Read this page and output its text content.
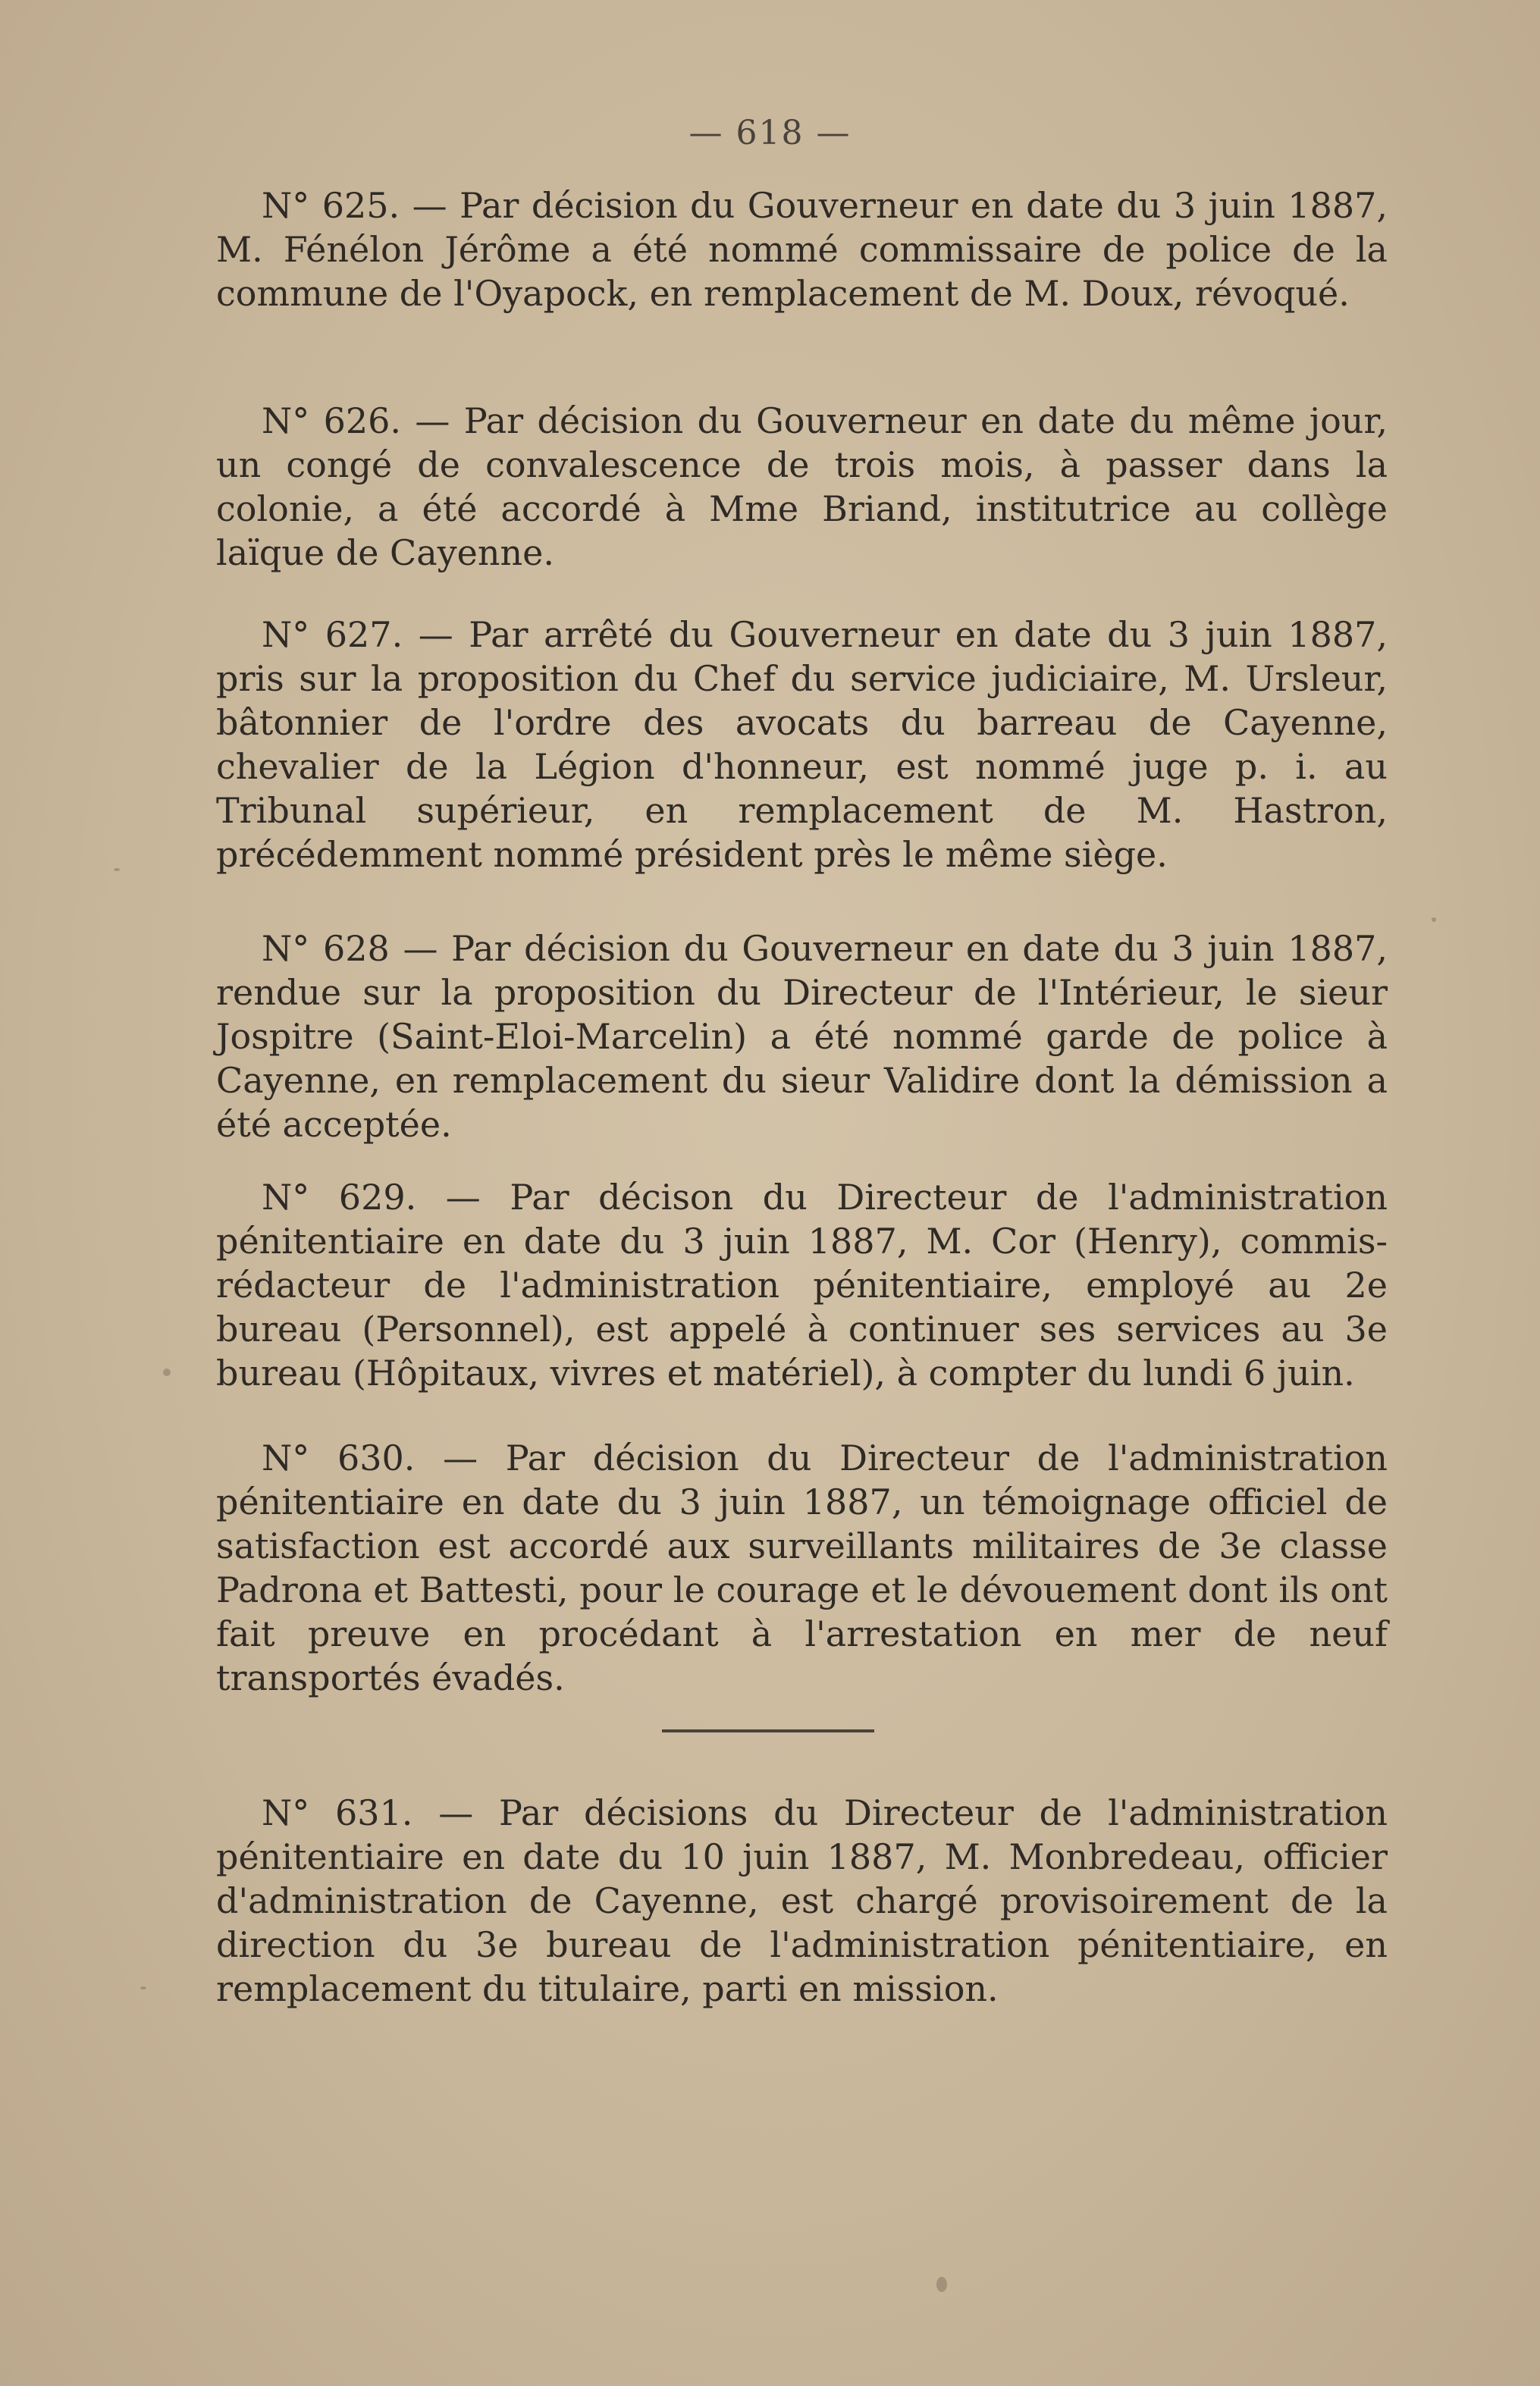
— 618 —

N° 625. — Par décision du Gouverneur en date du 3 juin 1887, M. Fénélon Jérôme a été nommé commissaire de police de la commune de l'Oyapock, en remplacement de M. Doux, révoqué.

N° 626. — Par décision du Gouverneur en date du même jour, un congé de convalescence de trois mois, à passer dans la colonie, a été accordé à Mme Briand, institutrice au collège laïque de Cayenne.

N° 627. — Par arrêté du Gouverneur en date du 3 juin 1887, pris sur la proposition du Chef du service judiciaire, M. Ursleur, bâtonnier de l'ordre des avocats du barreau de Cayenne, chevalier de la Légion d'honneur, est nommé juge p. i. au Tribunal supérieur, en remplacement de M. Hastron, précédemment nommé président près le même siège.

N° 628 — Par décision du Gouverneur en date du 3 juin 1887, rendue sur la proposition du Directeur de l'Intérieur, le sieur Jospitre (Saint-Eloi-Marcelin) a été nommé garde de police à Cayenne, en remplacement du sieur Validire dont la démission a été acceptée.

N° 629. — Par décison du Directeur de l'administration pénitentiaire en date du 3 juin 1887, M. Cor (Henry), commis-rédacteur de l'administration pénitentiaire, employé au 2e bureau (Personnel), est appelé à continuer ses services au 3e bureau (Hôpitaux, vivres et matériel), à compter du lundi 6 juin.

N° 630. — Par décision du Directeur de l'administration pénitentiaire en date du 3 juin 1887, un témoignage officiel de satisfaction est accordé aux surveillants militaires de 3e classe Padrona et Battesti, pour le courage et le dévouement dont ils ont fait preuve en procédant à l'arrestation en mer de neuf transportés évadés.

N° 631. — Par décisions du Directeur de l'administration pénitentiaire en date du 10 juin 1887, M. Monbredeau, officier d'administration de Cayenne, est chargé provisoirement de la direction du 3e bureau de l'administration pénitentiaire, en remplacement du titulaire, parti en mission.
